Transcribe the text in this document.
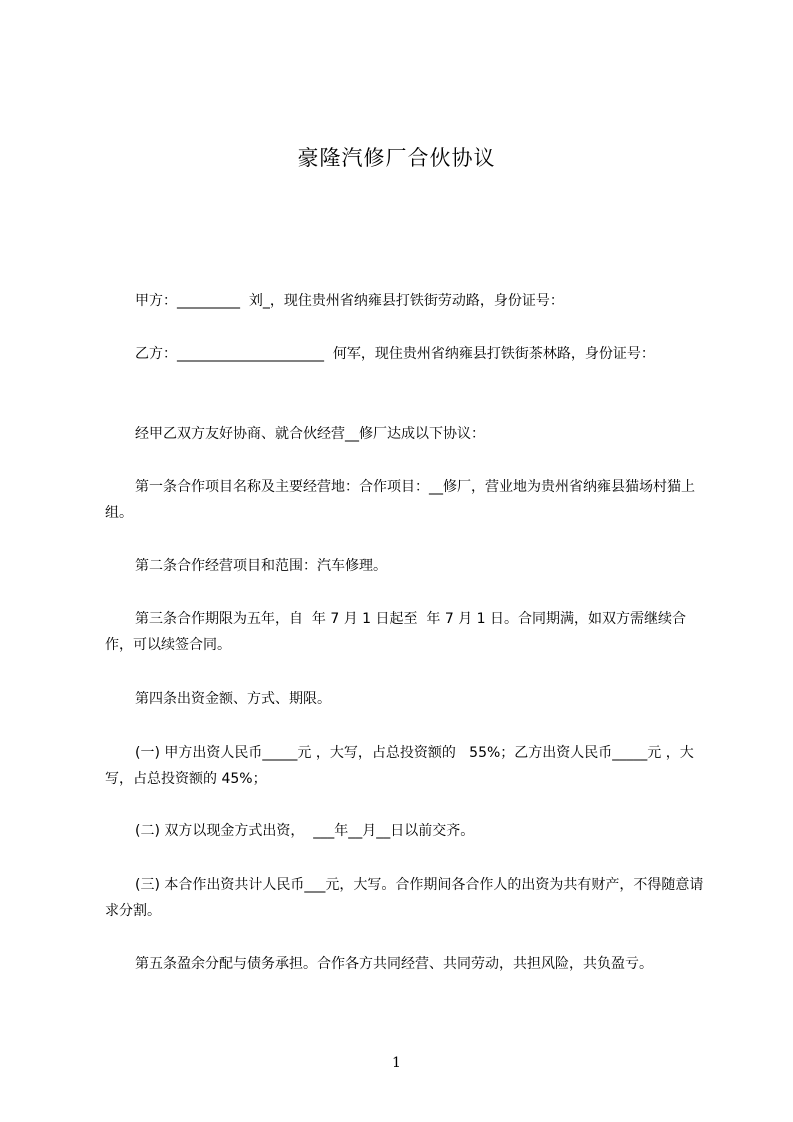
豪隆汽修厂合伙协议

甲方：_________  刘_，现住贵州省纳雍县打铁街劳动路，身份证号：

乙方：_____________________  何军，现住贵州省纳雍县打铁街茶林路，身份证号：

经甲乙双方友好协商、就合伙经营__修厂达成以下协议：

第一条合作项目名称及主要经营地：合作项目：__修厂，营业地为贵州省纳雍县猫场村猫上组。

第二条合作经营项目和范围：汽车修理。

第三条合作期限为五年，自  年 7 月 1 日起至  年 7 月 1 日。合同期满，如双方需继续合作，可以续签合同。

第四条出资金额、方式、期限。

(一) 甲方出资人民币_____元 ，大写，占总投资额的   55%；乙方出资人民币_____元 ，大写，占总投资额的 45%；

(二) 双方以现金方式出资，  ___年__月__日以前交齐。

(三) 本合作出资共计人民币___元，大写。合作期间各合作人的出资为共有财产，不得随意请求分割。

第五条盈余分配与债务承担。合作各方共同经营、共同劳动，共担风险，共负盈亏。

1
